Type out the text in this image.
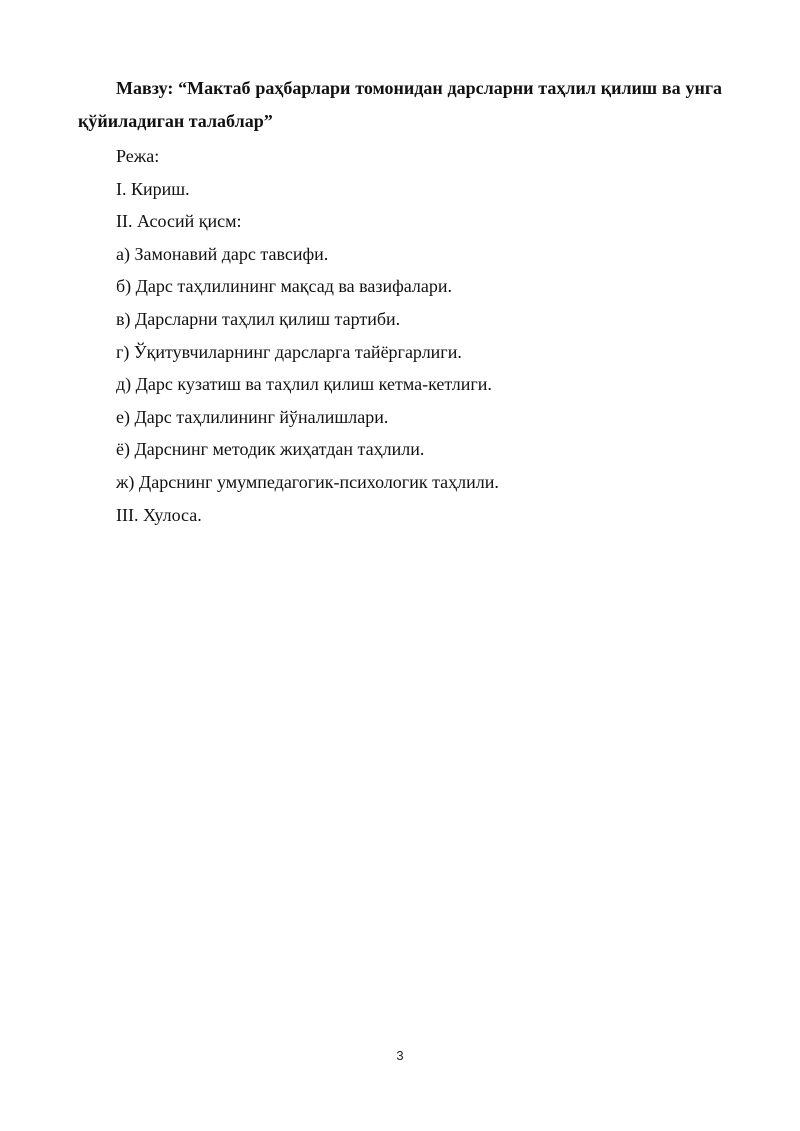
Мавзу: “Мактаб раҳбарлари томонидан дарсларни таҳлил қилиш ва унга қўйиладиган талаблар”

Режа:
I. Кириш.
II. Асосий қисм:
а) Замонавий дарс тавсифи.
б) Дарс таҳлилининг мақсад ва вазифалари.
в) Дарсларни таҳлил қилиш тартиби.
г) Ўқитувчиларнинг дарсларга тайёргарлиги.
д) Дарс кузатиш ва таҳлил қилиш кетма-кетлиги.
е) Дарс таҳлилининг йўналишлари.
ё) Дарснинг методик жиҳатдан таҳлили.
ж) Дарснинг умумпедагогик-психологик таҳлили.
III. Хулоса.
3
